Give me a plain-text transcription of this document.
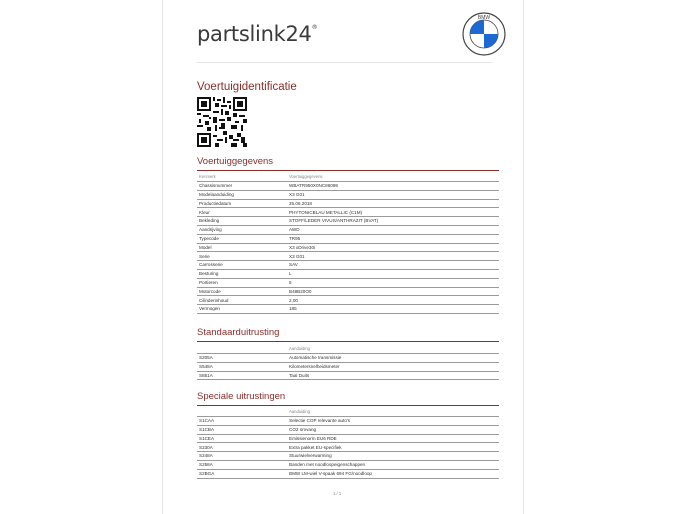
partslink24®
BMW
Voertuigidentificatie
Voertuiggegevens
Kenmerk	Voertuiggegevens
Chassisnummer	WBATR950X0NC86099
Modelaanduiding	X3 G01
Productiedatum	25.06.2018
Kleur	PHYTONICBLAU METALLIC (C1M)
Bekleding	STOFF/LEDER VIVUS/ANTHRAZIT (BVAT)
Aandrijving	AWD
Typecode	TR95
Model	X3 xDrive30i
Serie	X3 G01
Carrosserie	SAV
Besturing	L
Portieren	5
Motorcode	B48B20O0
Cilinderinhoud	2,00
Vermogen	185
Standaarduitrusting
	Aanduiding
S205A	Automatische transmissie
S548A	Kilometersnelheidsmeter
S851A	Taal Duits
Speciale uitrustingen
	Aanduiding
S1CAA	Selectie COP relevante auto's
S1CBA	CO2 omvang
S1CEA	Emissienorm EU6 RDE
S230A	Extra pakket EU-specifiek
S248A	Stuurwielverwarming
S258A	Banden met noodloopeigenschappen
S2BGA	BMW LM-wiel V-spaak 694 FG/noodloop
1 / 1
